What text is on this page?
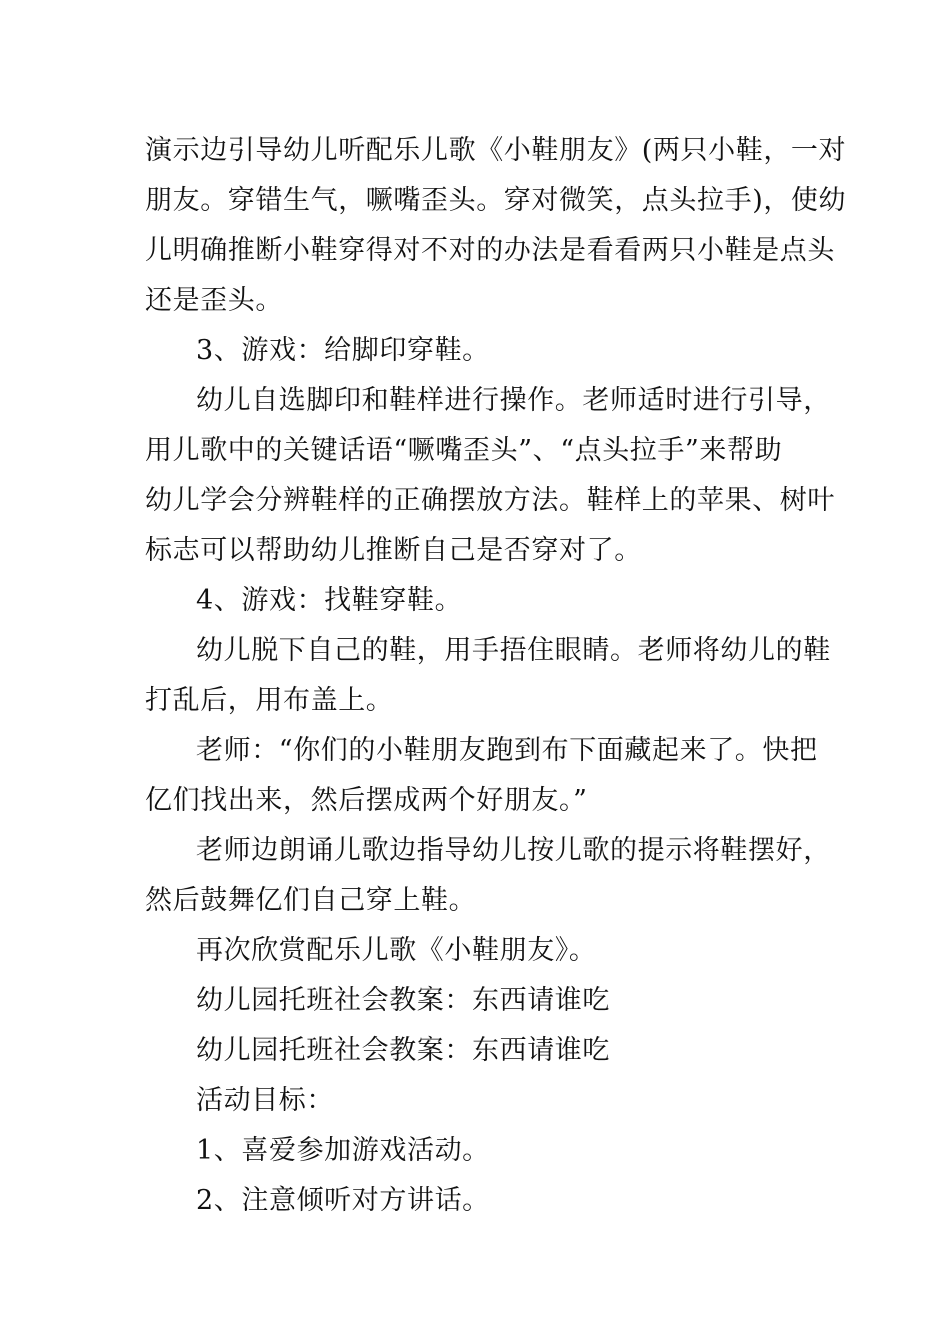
演示边引导幼儿听配乐儿歌《小鞋朋友》(两只小鞋，一对
朋友。穿错生气，噘嘴歪头。穿对微笑，点头拉手)，使幼
儿明确推断小鞋穿得对不对的办法是看看两只小鞋是点头
还是歪头。
3、游戏：给脚印穿鞋。
幼儿自选脚印和鞋样进行操作。老师适时进行引导，
用儿歌中的关键话语“噘嘴歪头”、“点头拉手”来帮助
幼儿学会分辨鞋样的正确摆放方法。鞋样上的苹果、树叶
标志可以帮助幼儿推断自己是否穿对了。
4、游戏：找鞋穿鞋。
幼儿脱下自己的鞋，用手捂住眼睛。老师将幼儿的鞋
打乱后，用布盖上。
老师：“你们的小鞋朋友跑到布下面藏起来了。快把
亿们找出来，然后摆成两个好朋友。”
老师边朗诵儿歌边指导幼儿按儿歌的提示将鞋摆好，
然后鼓舞亿们自己穿上鞋。
再次欣赏配乐儿歌《小鞋朋友》。
幼儿园托班社会教案：东西请谁吃
幼儿园托班社会教案：东西请谁吃
活动目标：
1、喜爱参加游戏活动。
2、注意倾听对方讲话。
